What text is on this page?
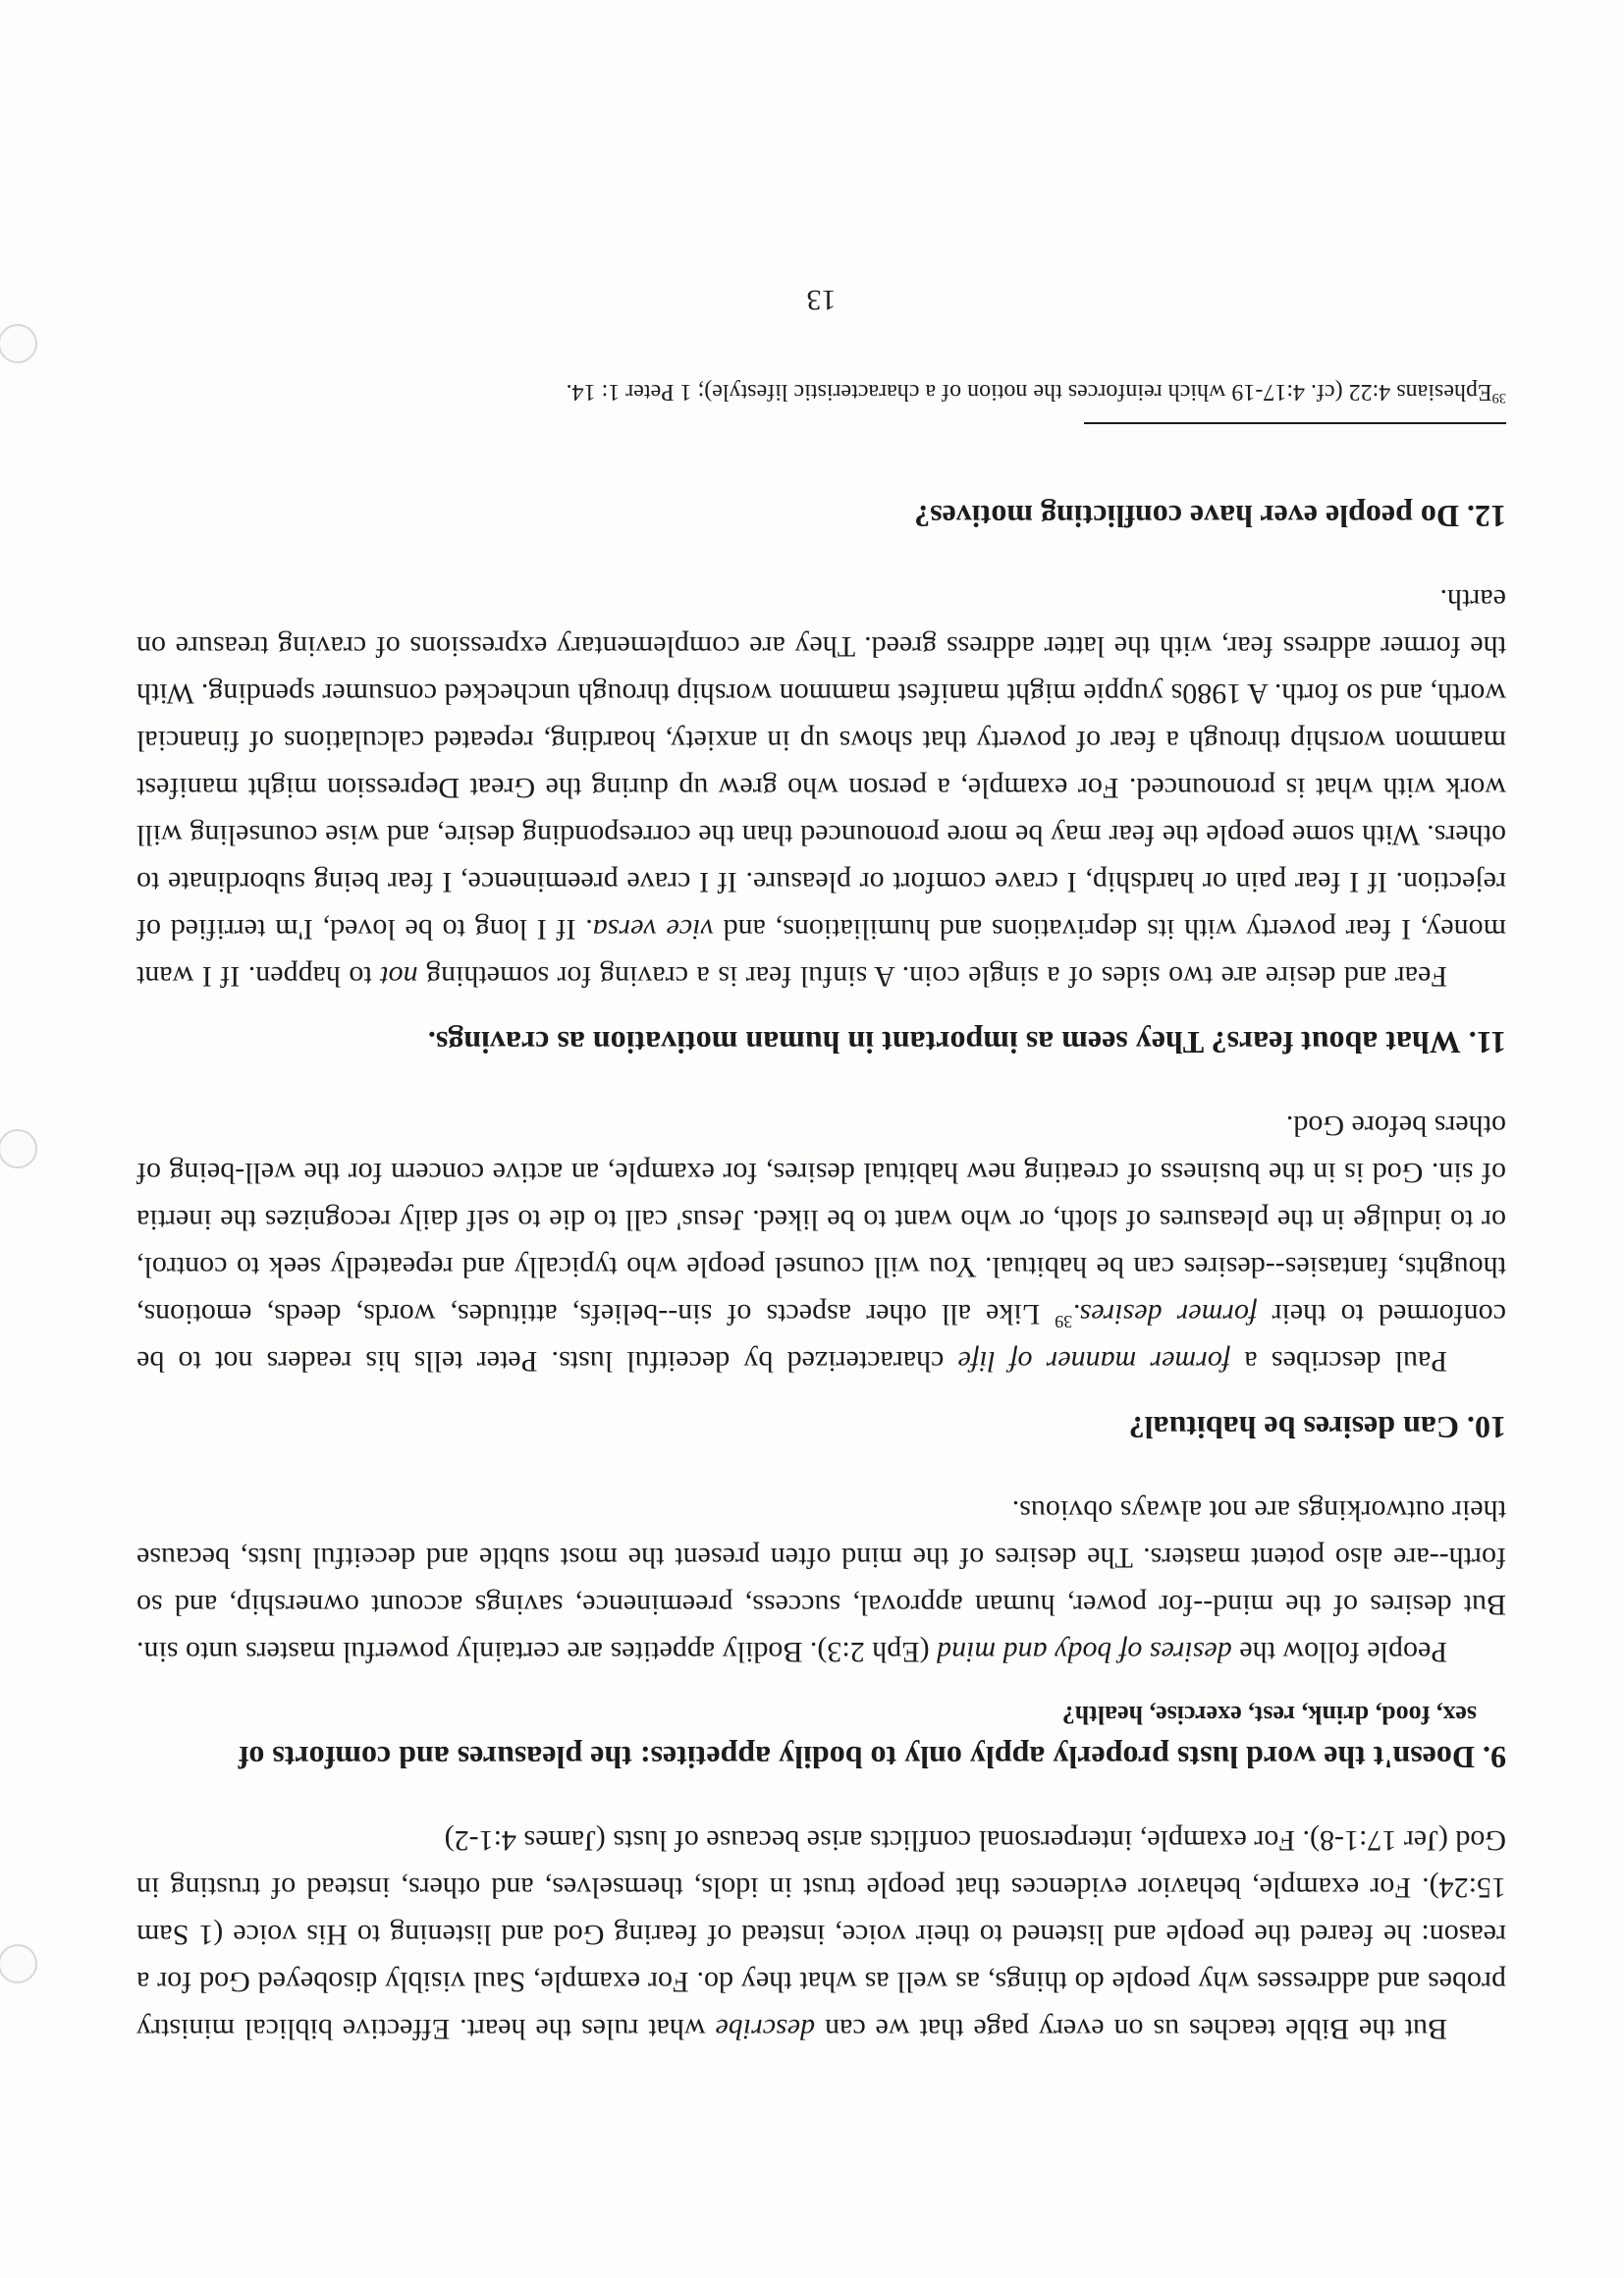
But the Bible teaches us on every page that we can describe what rules the heart. Effective biblical ministry probes and addresses why people do things, as well as what they do. For example, Saul visibly disobeyed God for a reason: he feared the people and listened to their voice, instead of fearing God and listening to His voice (1 Sam 15:24). For example, behavior evidences that people trust in idols, themselves, and others, instead of trusting in God (Jer 17:1-8). For example, interpersonal conflicts arise because of lusts (James 4:1-2)

9.Doesn't the word lusts properly apply only to bodily appetites: the pleasures and comforts of
sex, food, drink, rest, exercise, health?

People follow the desires of body and mind (Eph 2:3). Bodily appetites are certainly powerful masters unto sin. But desires of the mind--for power, human approval, success, preeminence, savings account ownership, and so forth--are also potent masters. The desires of the mind often present the most subtle and deceitful lusts, because their outworkings are not always obvious.

10.Can desires be habitual?

Paul describes a former manner of life characterized by deceitful lusts. Peter tells his readers not to be conformed to their former desires.$^{39}$ Like all other aspects of sin--beliefs, attitudes, words, deeds, emotions, thoughts, fantasies--desires can be habitual. You will counsel people who typically and repeatedly seek to control, or to indulge in the pleasures of sloth, or who want to be liked. Jesus' call to die to self daily recognizes the inertia of sin. God is in the business of creating new habitual desires, for example, an active concern for the well-being of others before God.

11.What about fears? They seem as important in human motivation as cravings.

Fear and desire are two sides of a single coin. A sinful fear is a craving for something not to happen. If I want money, I fear poverty with its deprivations and humiliations, and vice versa. If I long to be loved, I'm terrified of rejection. If I fear pain or hardship, I crave comfort or pleasure. If I crave preeminence, I fear being subordinate to others. With some people the fear may be more pronounced than the corresponding desire, and wise counseling will work with what is pronounced. For example, a person who grew up during the Great Depression might manifest mammon worship through a fear of poverty that shows up in anxiety, hoarding, repeated calculations of financial worth, and so forth. A 1980s yuppie might manifest mammon worship through unchecked consumer spending. With the former address fear, with the latter address greed. They are complementary expressions of craving treasure on earth.

12.Do people ever have conflicting motives?

$^{39}$Ephesians 4:22 (cf. 4:17-19 which reinforces the notion of a characteristic lifestyle); 1 Peter 1: 14.

13
